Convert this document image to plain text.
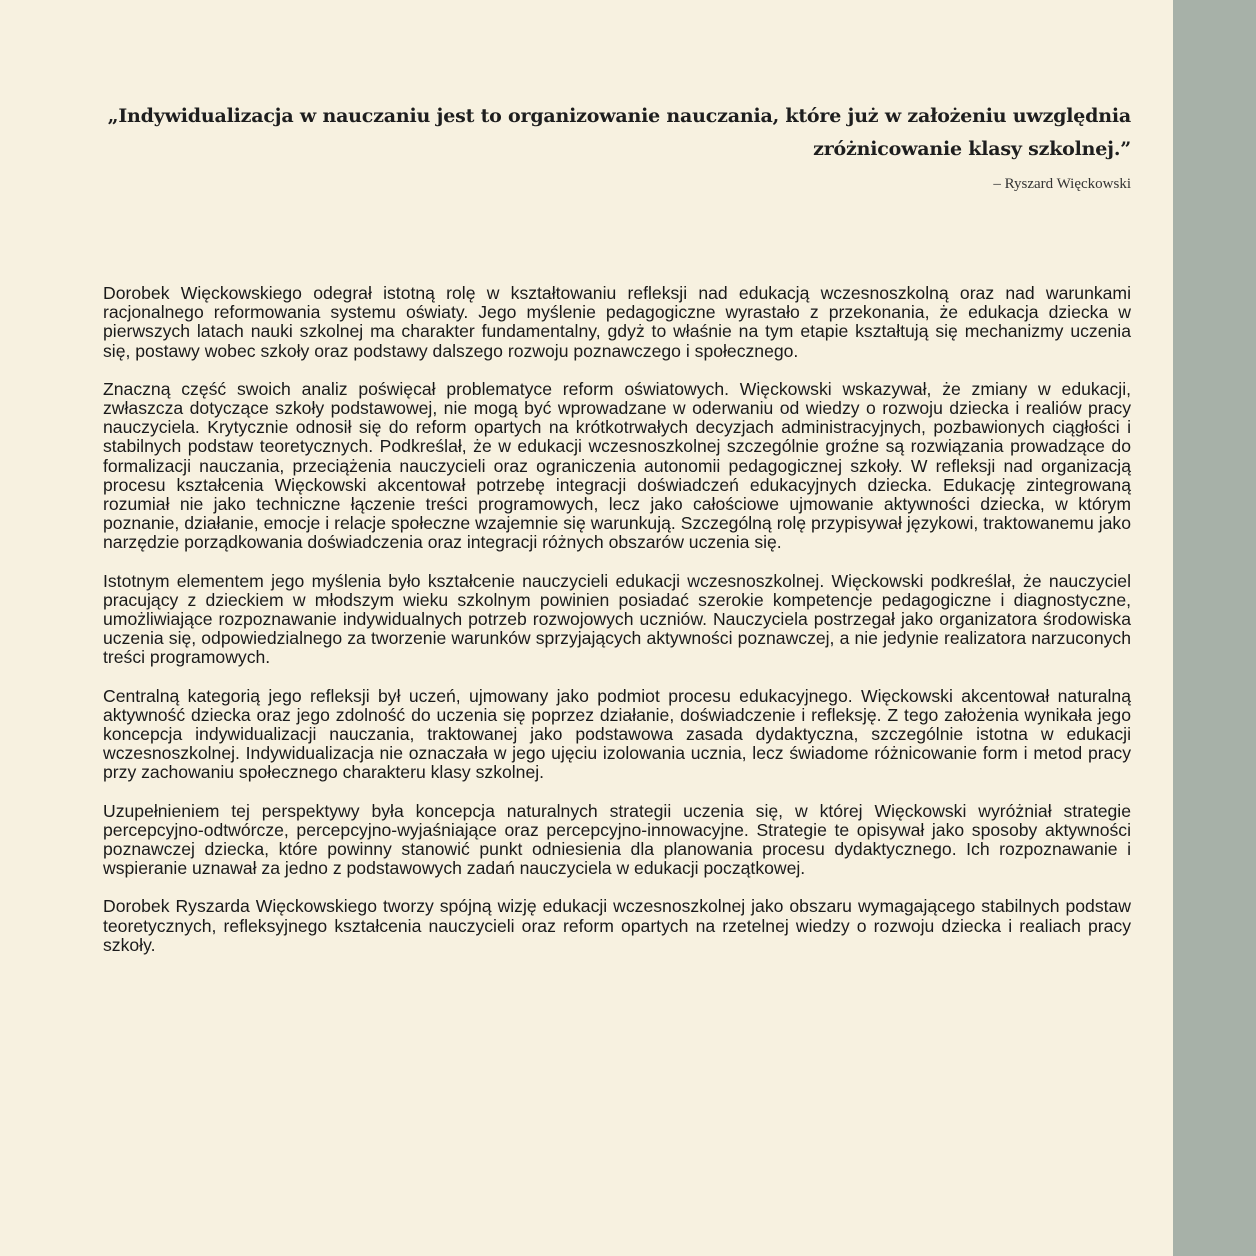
„Indywidualizacja w nauczaniu jest to organizowanie nauczania, które już w założeniu uwzględnia zróżnicowanie klasy szkolnej.”

– Ryszard Więckowski

Dorobek Więckowskiego odegrał istotną rolę w kształtowaniu refleksji nad edukacją wczesnoszkolną oraz nad warunkami racjonalnego reformowania systemu oświaty. Jego myślenie pedagogiczne wyrastało z przekonania, że edukacja dziecka w pierwszych latach nauki szkolnej ma charakter fundamentalny, gdyż to właśnie na tym etapie kształtują się mechanizmy uczenia się, postawy wobec szkoły oraz podstawy dalszego rozwoju poznawczego i społecznego.

Znaczną część swoich analiz poświęcał problematyce reform oświatowych. Więckowski wskazywał, że zmiany w edukacji, zwłaszcza dotyczące szkoły podstawowej, nie mogą być wprowadzane w oderwaniu od wiedzy o rozwoju dziecka i realiów pracy nauczyciela. Krytycznie odnosił się do reform opartych na krótkotrwałych decyzjach administracyjnych, pozbawionych ciągłości i stabilnych podstaw teoretycznych. Podkreślał, że w edukacji wczesnoszkolnej szczególnie groźne są rozwiązania prowadzące do formalizacji nauczania, przeciążenia nauczycieli oraz ograniczenia autonomii pedagogicznej szkoły. W refleksji nad organizacją procesu kształcenia Więckowski akcentował potrzebę integracji doświadczeń edukacyjnych dziecka. Edukację zintegrowaną rozumiał nie jako techniczne łączenie treści programowych, lecz jako całościowe ujmowanie aktywności dziecka, w którym poznanie, działanie, emocje i relacje społeczne wzajemnie się warunkują. Szczególną rolę przypisywał językowi, traktowanemu jako narzędzie porządkowania doświadczenia oraz integracji różnych obszarów uczenia się.

Istotnym elementem jego myślenia było kształcenie nauczycieli edukacji wczesnoszkolnej. Więckowski podkreślał, że nauczyciel pracujący z dzieckiem w młodszym wieku szkolnym powinien posiadać szerokie kompetencje pedagogiczne i diagnostyczne, umożliwiające rozpoznawanie indywidualnych potrzeb rozwojowych uczniów. Nauczyciela postrzegał jako organizatora środowiska uczenia się, odpowiedzialnego za tworzenie warunków sprzyjających aktywności poznawczej, a nie jedynie realizatora narzuconych treści programowych.

Centralną kategorią jego refleksji był uczeń, ujmowany jako podmiot procesu edukacyjnego. Więckowski akcentował naturalną aktywność dziecka oraz jego zdolność do uczenia się poprzez działanie, doświadczenie i refleksję. Z tego założenia wynikała jego koncepcja indywidualizacji nauczania, traktowanej jako podstawowa zasada dydaktyczna, szczególnie istotna w edukacji wczesnoszkolnej. Indywidualizacja nie oznaczała w jego ujęciu izolowania ucznia, lecz świadome różnicowanie form i metod pracy przy zachowaniu społecznego charakteru klasy szkolnej.

Uzupełnieniem tej perspektywy była koncepcja naturalnych strategii uczenia się, w której Więckowski wyróżniał strategie percepcyjno-odtwórcze, percepcyjno-wyjaśniające oraz percepcyjno-innowacyjne. Strategie te opisywał jako sposoby aktywności poznawczej dziecka, które powinny stanowić punkt odniesienia dla planowania procesu dydaktycznego. Ich rozpoznawanie i wspieranie uznawał za jedno z podstawowych zadań nauczyciela w edukacji początkowej.

Dorobek Ryszarda Więckowskiego tworzy spójną wizję edukacji wczesnoszkolnej jako obszaru wymagającego stabilnych podstaw teoretycznych, refleksyjnego kształcenia nauczycieli oraz reform opartych na rzetelnej wiedzy o rozwoju dziecka i realiach pracy szkoły.
